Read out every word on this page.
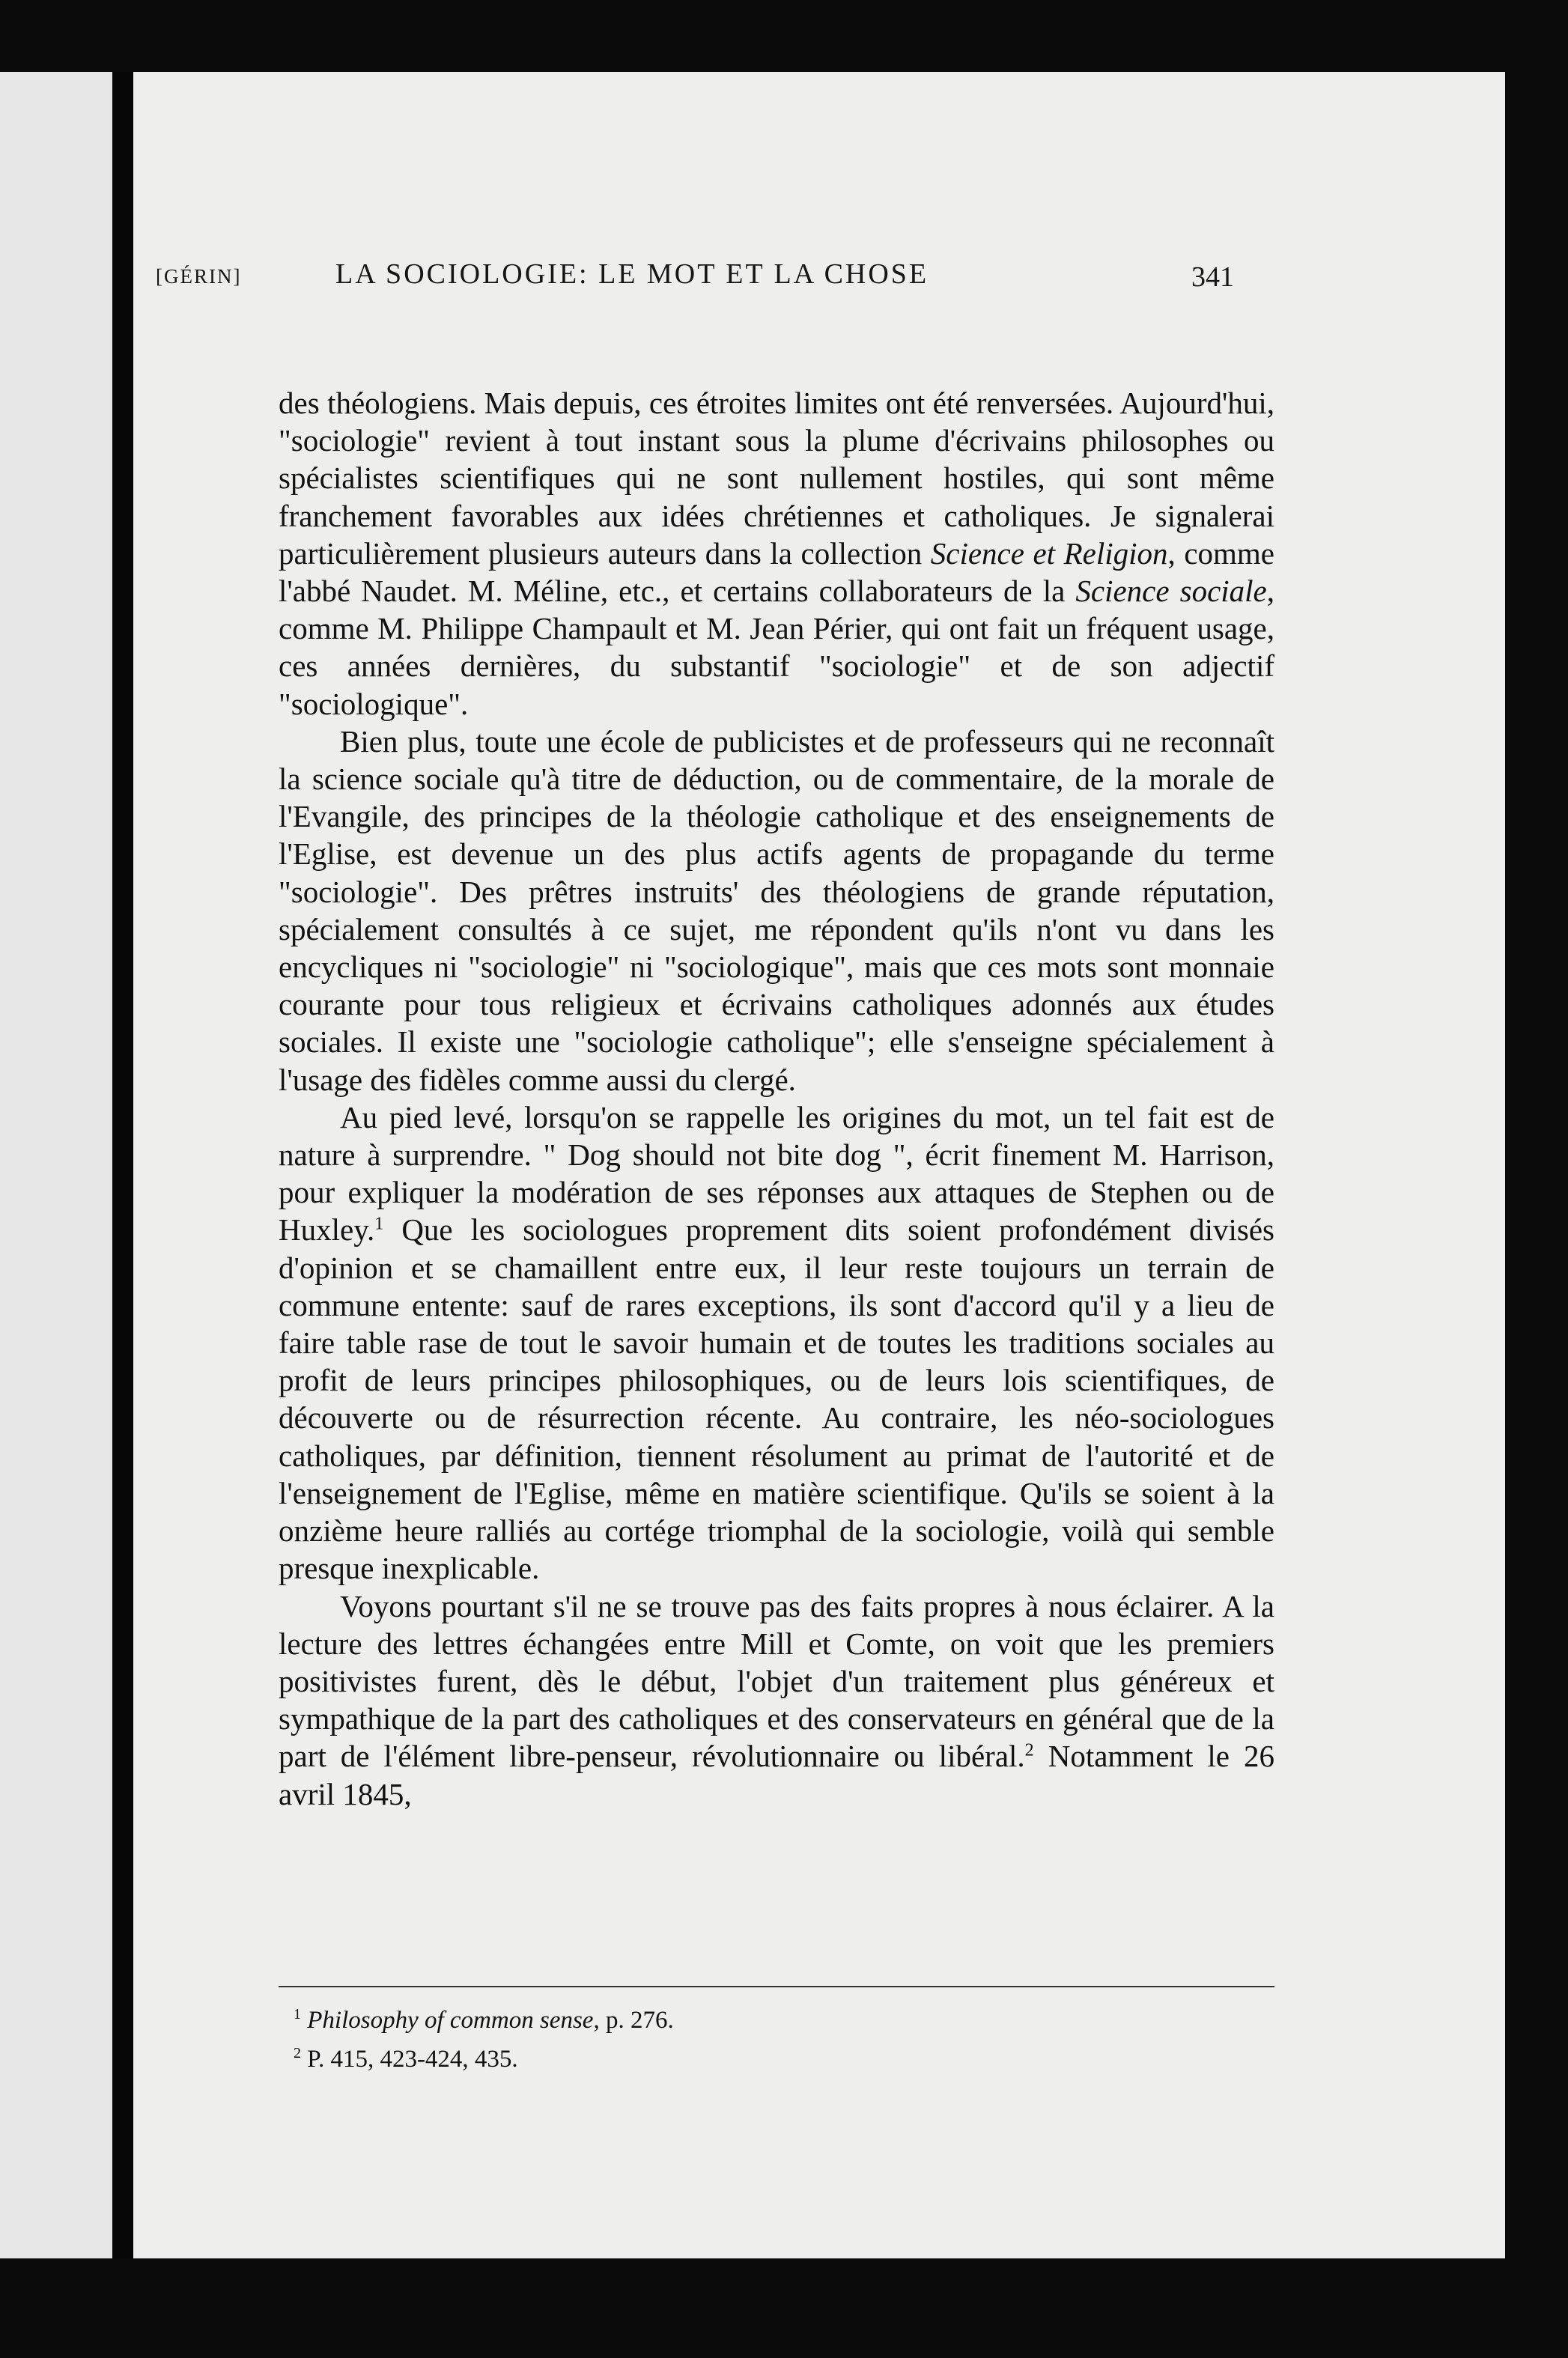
[GÉRIN]	LA SOCIOLOGIE: LE MOT ET LA CHOSE	341

des théologiens. Mais depuis, ces étroites limites ont été renversées. Aujourd'hui, "sociologie" revient à tout instant sous la plume d'écrivains philosophes ou spécialistes scientifiques qui ne sont nullement hostiles, qui sont même franchement favorables aux idées chrétiennes et catholiques. Je signalerai particulièrement plusieurs auteurs dans la collection Science et Religion, comme l'abbé Naudet. M. Méline, etc., et certains collaborateurs de la Science sociale, comme M. Philippe Champault et M. Jean Périer, qui ont fait un fréquent usage, ces années dernières, du substantif "sociologie" et de son adjectif "sociologique".

Bien plus, toute une école de publicistes et de professeurs qui ne reconnaît la science sociale qu'à titre de déduction, ou de commentaire, de la morale de l'Evangile, des principes de la théologie catholique et des enseignements de l'Eglise, est devenue un des plus actifs agents de propagande du terme "sociologie". Des prêtres instruits' des théologiens de grande réputation, spécialement consultés à ce sujet, me répondent qu'ils n'ont vu dans les encycliques ni "sociologie" ni "sociologique", mais que ces mots sont monnaie courante pour tous religieux et écrivains catholiques adonnés aux études sociales. Il existe une "sociologie catholique"; elle s'enseigne spécialement à l'usage des fidèles comme aussi du clergé.

Au pied levé, lorsqu'on se rappelle les origines du mot, un tel fait est de nature à surprendre. " Dog should not bite dog ", écrit finement M. Harrison, pour expliquer la modération de ses réponses aux attaques de Stephen ou de Huxley.$^1$ Que les sociologues proprement dits soient profondément divisés d'opinion et se chamaillent entre eux, il leur reste toujours un terrain de commune entente: sauf de rares exceptions, ils sont d'accord qu'il y a lieu de faire table rase de tout le savoir humain et de toutes les traditions sociales au profit de leurs principes philosophiques, ou de leurs lois scientifiques, de découverte ou de résurrection récente. Au contraire, les néo-sociologues catholiques, par définition, tiennent résolument au primat de l'autorité et de l'enseignement de l'Eglise, même en matière scientifique. Qu'ils se soient à la onzième heure ralliés au cortége triomphal de la sociologie, voilà qui semble presque inexplicable.

Voyons pourtant s'il ne se trouve pas des faits propres à nous éclairer. A la lecture des lettres échangées entre Mill et Comte, on voit que les premiers positivistes furent, dès le début, l'objet d'un traitement plus généreux et sympathique de la part des catholiques et des conservateurs en général que de la part de l'élément libre-penseur, révolutionnaire ou libéral.$^2$ Notamment le 26 avril 1845,

$^1$ Philosophy of common sense, p. 276.
$^2$ P. 415, 423-424, 435.
